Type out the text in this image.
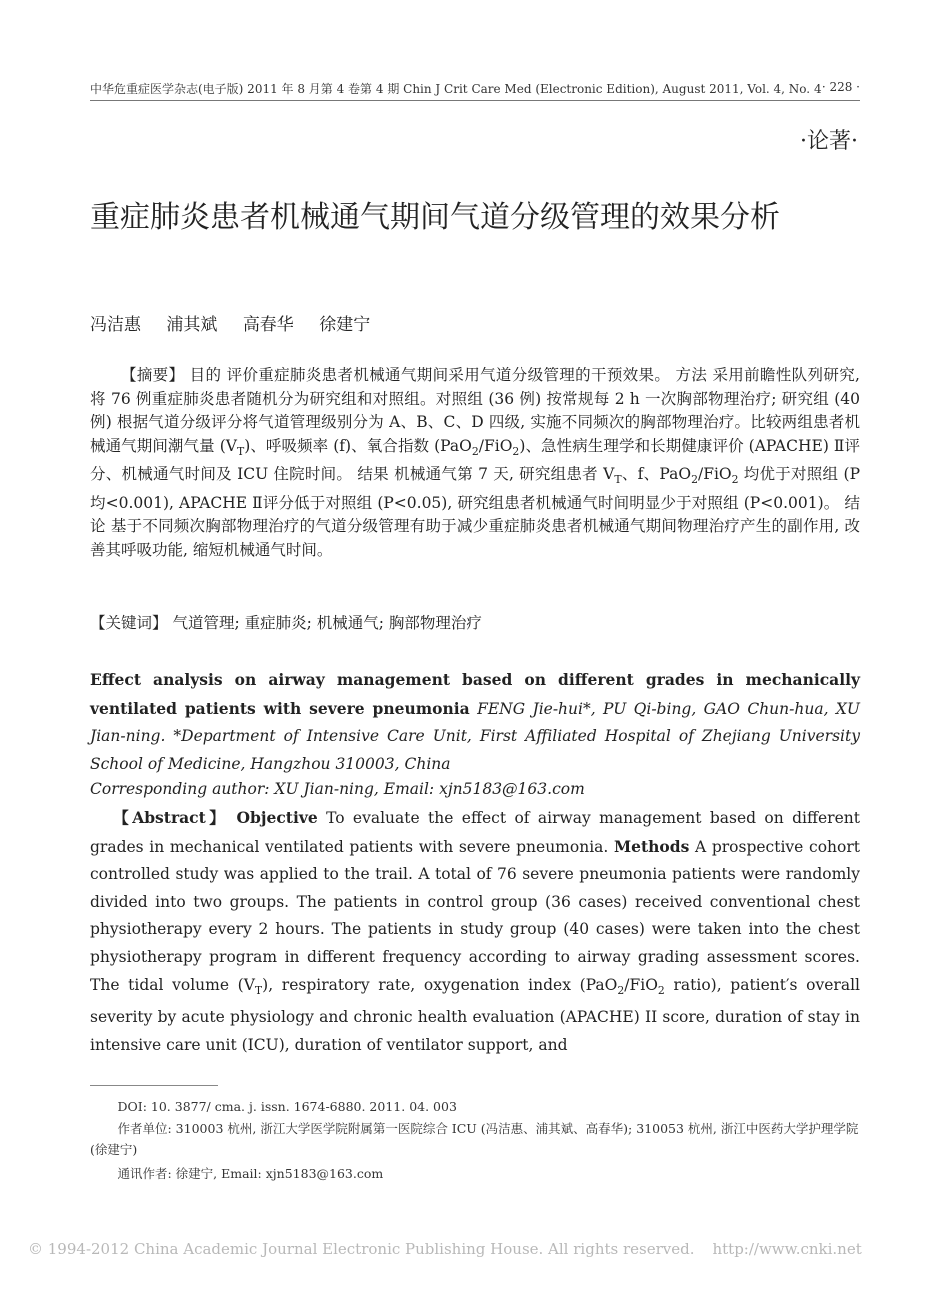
中华危重症医学杂志(电子版) 2011 年 8 月第 4 卷第 4 期 Chin J Crit Care Med (Electronic Edition), August 2011, Vol. 4, No. 4 · 228 ·
·论著·
重症肺炎患者机械通气期间气道分级管理的效果分析
冯洁惠 浦其斌 高春华 徐建宁
【摘要】 目的 评价重症肺炎患者机械通气期间采用气道分级管理的干预效果。 方法 采用前瞻性队列研究, 将 76 例重症肺炎患者随机分为研究组和对照组。对照组 (36 例) 按常规每 2 h 一次胸部物理治疗; 研究组 (40 例) 根据气道分级评分将气道管理级别分为 A、B、C、D 四级, 实施不同频次的胸部物理治疗。比较两组患者机械通气期间潮气量 $(V_T)$、呼吸频率 (f)、氧合指数 (PaO$_2$/FiO$_2$)、急性病生理学和长期健康评价 (APACHE) Ⅱ评分、机械通气时间及 ICU 住院时间。 结果 机械通气第 7 天, 研究组患者 $V_T$、f、PaO$_2$/FiO$_2$ 均优于对照组 (P 均<0.001), APACHE Ⅱ评分低于对照组 (P<0.05), 研究组患者机械通气时间明显少于对照组 (P<0.001)。 结论 基于不同频次胸部物理治疗的气道分级管理有助于减少重症肺炎患者机械通气期间物理治疗产生的副作用, 改善其呼吸功能, 缩短机械通气时间。
【关键词】 气道管理; 重症肺炎; 机械通气; 胸部物理治疗
Effect analysis on airway management based on different grades in mechanically ventilated patients with severe pneumonia FENG Jie-hui*, PU Qi-bing, GAO Chun-hua, XU Jian-ning. *Department of Intensive Care Unit, First Affiliated Hospital of Zhejiang University School of Medicine, Hangzhou 310003, China
Corresponding author: XU Jian-ning, Email: xjn5183@163.com
【Abstract】 Objective To evaluate the effect of airway management based on different grades in mechanical ventilated patients with severe pneumonia. Methods A prospective cohort controlled study was applied to the trail. A total of 76 severe pneumonia patients were randomly divided into two groups. The patients in control group (36 cases) received conventional chest physiotherapy every 2 hours. The patients in study group (40 cases) were taken into the chest physiotherapy program in different frequency according to airway grading assessment scores. The tidal volume $(V_T)$, respiratory rate, oxygenation index (PaO$_2$/FiO$_2$ ratio), patient′s overall severity by acute physiology and chronic health evaluation (APACHE) II score, duration of stay in intensive care unit (ICU), duration of ventilator support, and
DOI: 10. 3877/ cma. j. issn. 1674-6880. 2011. 04. 003
作者单位: 310003 杭州, 浙江大学医学院附属第一医院综合 ICU (冯洁惠、浦其斌、高春华); 310053 杭州, 浙江中医药大学护理学院 (徐建宁)
通讯作者: 徐建宁, Email: xjn5183@163.com
© 1994-2012 China Academic Journal Electronic Publishing House. All rights reserved. http://www.cnki.net
